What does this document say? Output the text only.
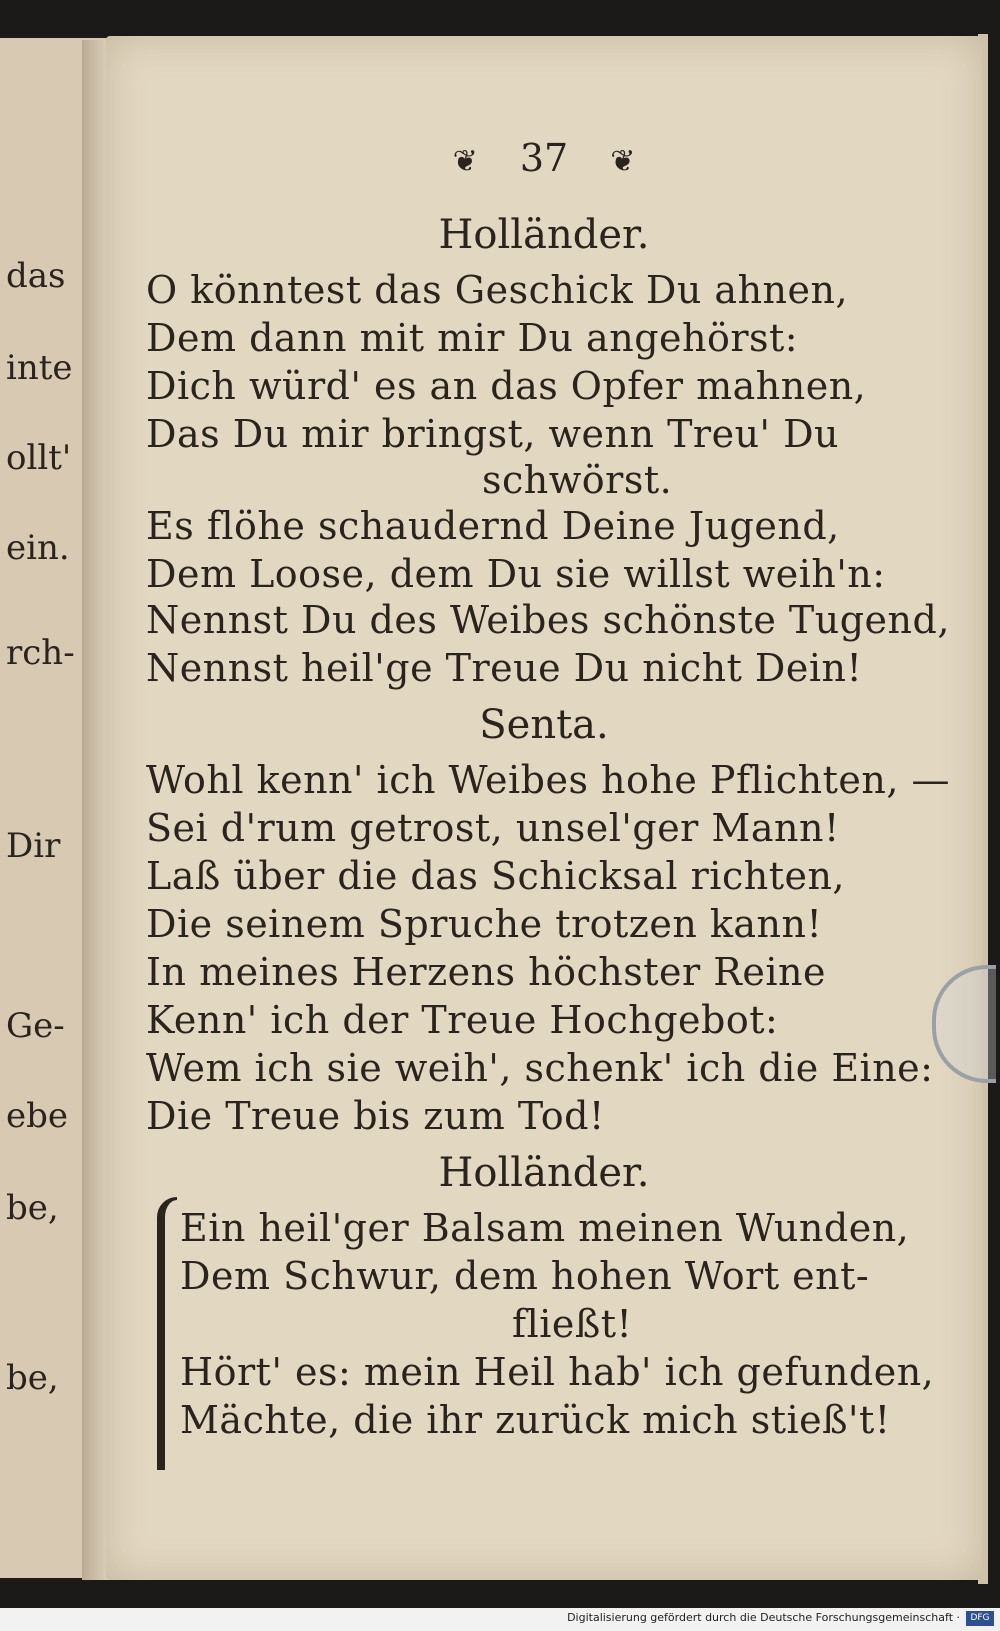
das
inte
ollt'
ein.
rch-
Dir
Ge-
ebe
be,
be,
❦ 37 ❦
Holländer.
O könntest das Geschick Du ahnen,
Dem dann mit mir Du angehörst:
Dich würd' es an das Opfer mahnen,
Das Du mir bringst, wenn Treu' Du
schwörst.
Es flöhe schaudernd Deine Jugend,
Dem Loose, dem Du sie willst weih'n:
Nennst Du des Weibes schönste Tugend,
Nennst heil'ge Treue Du nicht Dein!
Senta.
Wohl kenn' ich Weibes hohe Pflichten, —
Sei d'rum getrost, unsel'ger Mann!
Laß über die das Schicksal richten,
Die seinem Spruche trotzen kann!
In meines Herzens höchster Reine
Kenn' ich der Treue Hochgebot:
Wem ich sie weih', schenk' ich die Eine:
Die Treue bis zum Tod!
Holländer.
Ein heil'ger Balsam meinen Wunden,
Dem Schwur, dem hohen Wort ent-
fließt!
Hört' es: mein Heil hab' ich gefunden,
Mächte, die ihr zurück mich stieß't!
Digitalisierung gefördert durch die Deutsche Forschungsgemeinschaft ·	DFG
